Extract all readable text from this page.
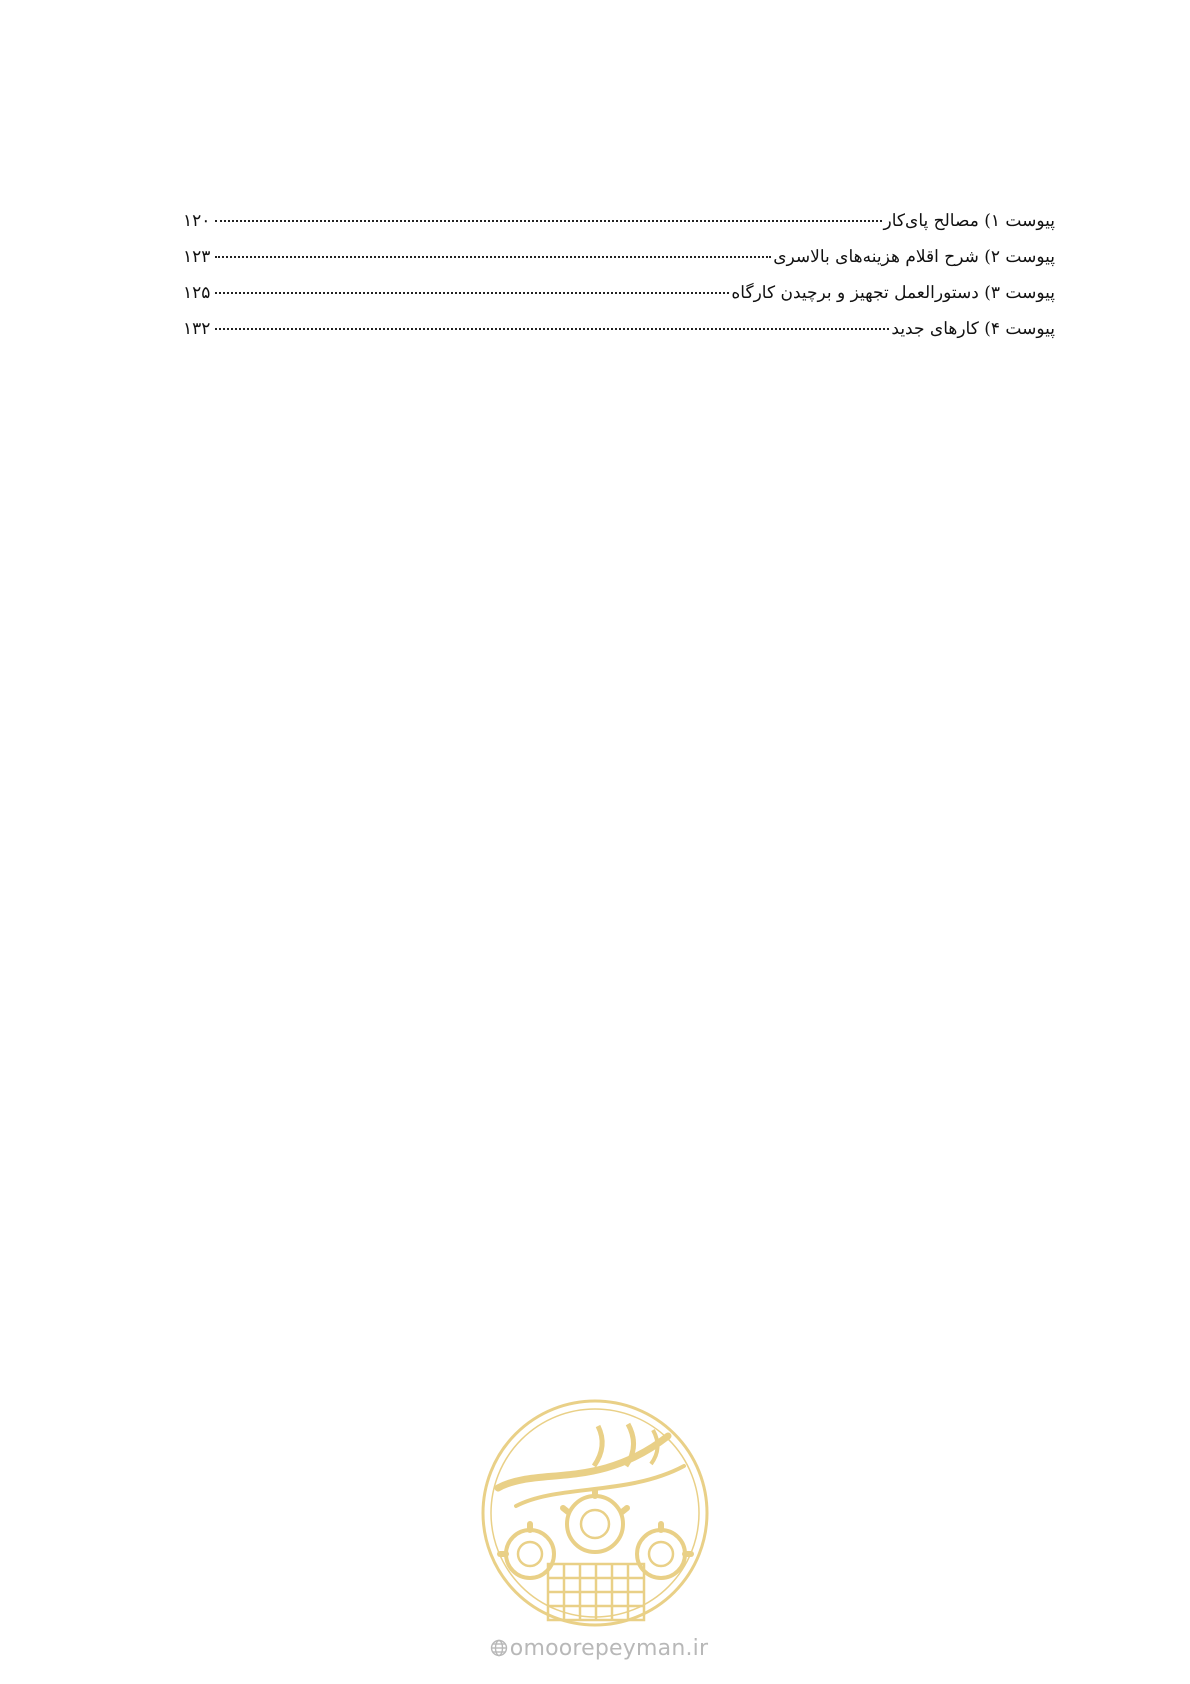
پیوست ۱) مصالح پای‌کار
۱۲۰
پیوست ۲) شرح اقلام هزینه‌های بالاسری
۱۲۳
پیوست ۳) دستورالعمل تجهیز و برچیدن کارگاه
۱۲۵
پیوست ۴) کارهای جدید
۱۳۲
omoorepeyman.ir
